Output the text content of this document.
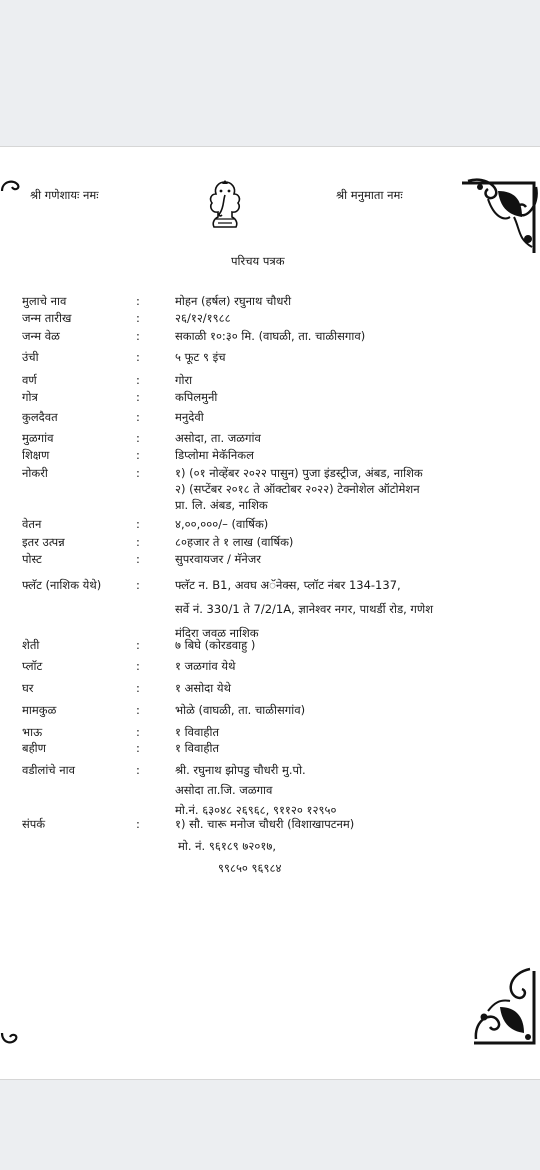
श्री गणेशायः नमः	श्री मनुमाता नमः
परिचय पत्रक
मुलाचे नाव	:	मोहन (हर्षल) रघुनाथ चौधरी
जन्म तारीख	:	२६/१२/१९८८
जन्म वेळ	:	सकाळी १०:३० मि. (वाघळी, ता. चाळीसगाव)
उंची	:	५ फूट ९ इंच
वर्ण	:	गोरा
गोत्र	:	कपिलमुनी
कुलदैवत	:	मनुदेवी
मुळगांव	:	असोदा, ता. जळगांव
शिक्षण	:	डिप्लोमा मेकॅनिकल
नोकरी	:	१) (०१ नोव्हेंबर २०२२ पासुन) पुजा इंडस्ट्रीज, अंबड, नाशिक
२) (सप्टेंबर २०१८ ते ऑक्टोबर २०२२) टेक्नोशेल ऑटोमेशन
प्रा. लि. अंबड, नाशिक
वेतन	:	४,००,०००/– (वार्षिक)
इतर उत्पन्न	:	८०हजार ते १ लाख (वार्षिक)
पोस्ट	:	सुपरवायजर / मॅनेजर
फ्लॅट (नाशिक येथे)	:	फ्लॅट न. B1, अवघ अॅनेक्स, प्लॉट नंबर 134-137,
सर्वे नं. 330/1 ते 7/2/1A, ज्ञानेश्वर नगर, पाथर्डी रोड, गणेश
मंदिरा जवळ नाशिक
शेती	:	७ बिघे (कोरडवाहु )
प्लॉट	:	१ जळगांव येथे
घर	:	१ असोदा येथे
मामकुळ	:	भोळे (वाघळी, ता. चाळीसगांव)
भाऊ	:	१ विवाहीत
बहीण	:	१ विवाहीत
वडीलांचे नाव	:	श्री. रघुनाथ झोपडु चौधरी मु.पो.
असोदा ता.जि. जळगाव
मो.नं. ६३०४८ २६९६८, ९११२० १२९५०
संपर्क	:	१) सौ. चारू मनोज चौधरी (विशाखापटनम)
मो. नं. ९६१८९ ७२०१७,
९९८५० ९६९८४
